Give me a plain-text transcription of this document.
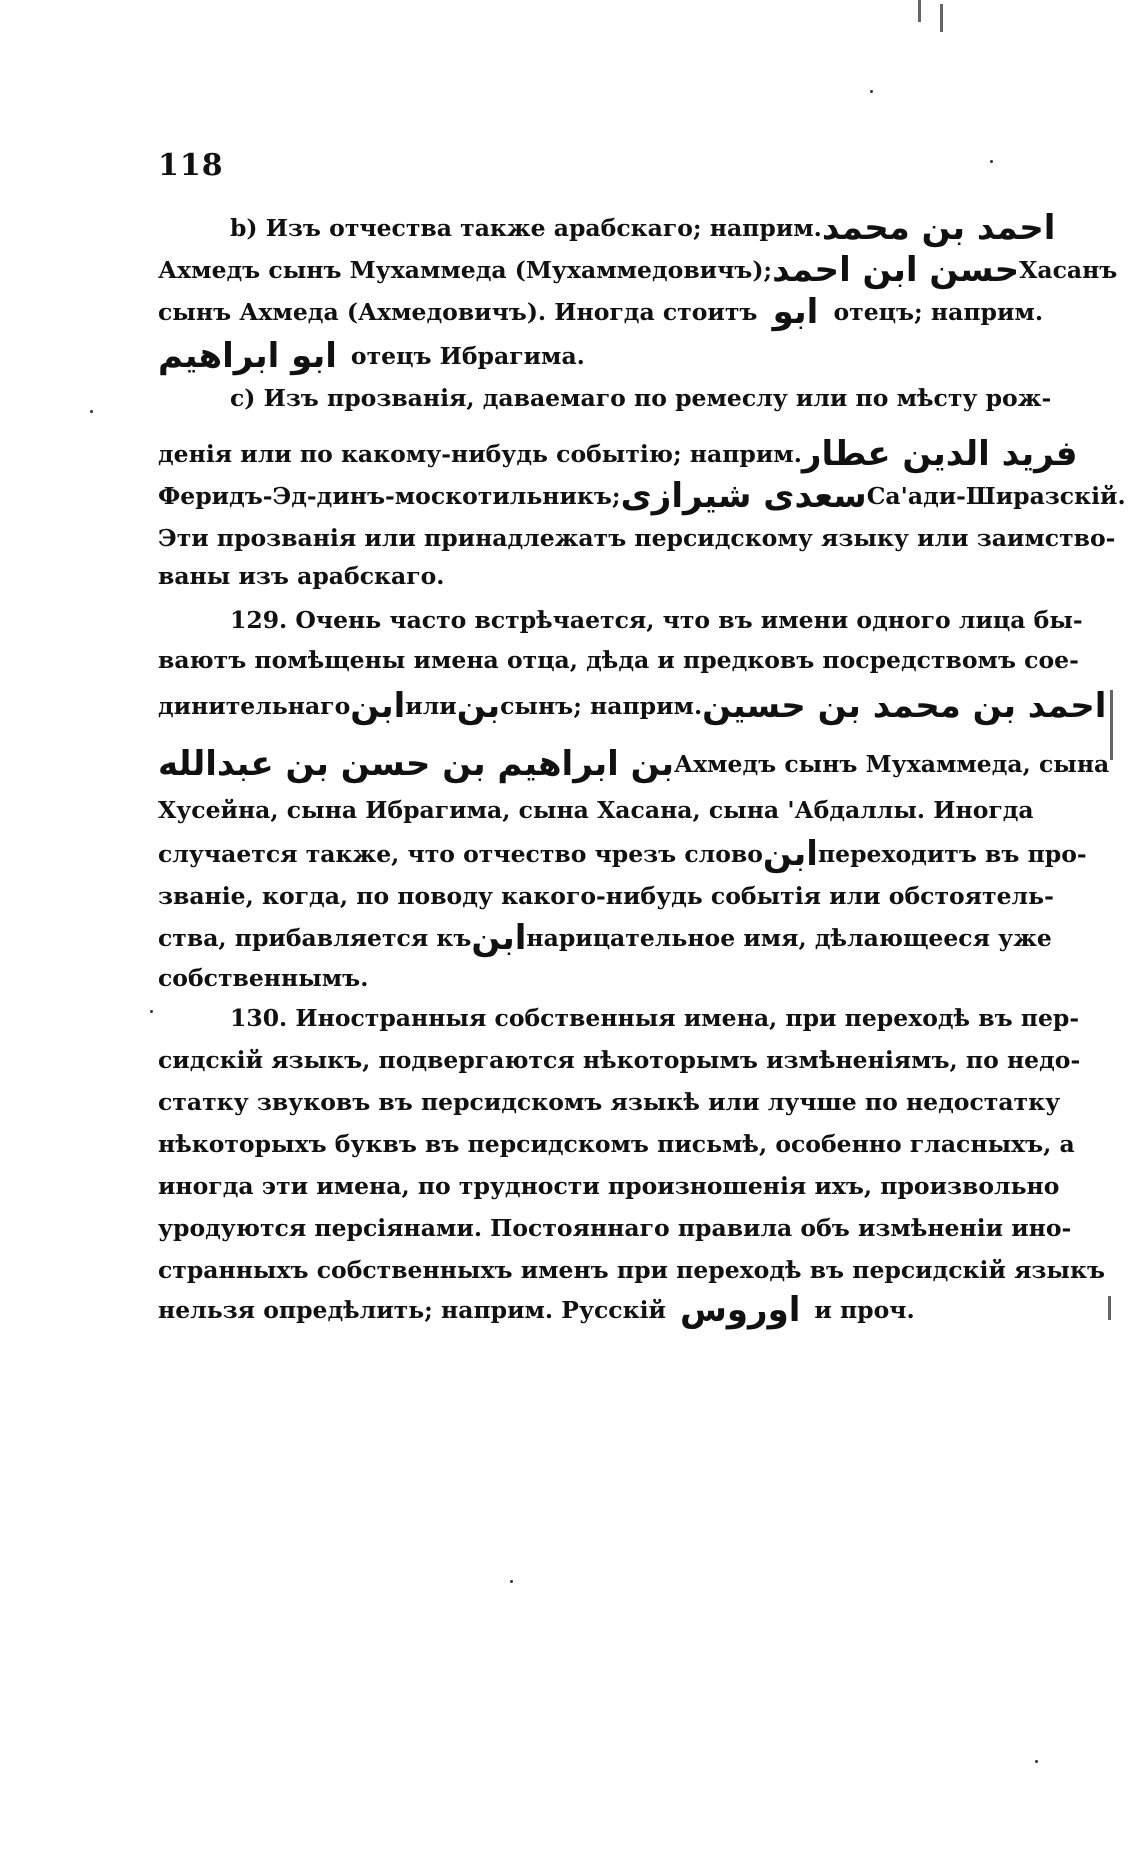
118
b) Изъ отчества также арабскаго; наприм. احمد بن محمد
Ахмедъ сынъ Мухаммеда (Мухаммедовичъ); حسن ابن احمد Хасанъ
сынъ Ахмеда (Ахмедовичъ). Иногда стоитъ ابو отецъ; наприм.
ابو ابراهیم отецъ Ибрагима.
c) Изъ прозванія, даваемаго по ремеслу или по мѣсту рож-
денія или по какому-нибудь событію; наприм. فرید الدین عطار
Феридъ-Эд-динъ-москотильникъ; سعدی شیرازی Са'ади-Ширазскій.
Эти прозванія или принадлежатъ персидскому языку или заимство-
ваны изъ арабскаго.
129. Очень часто встрѣчается, что въ имени одного лица бы-
ваютъ помѣщены имена отца, дѣда и предковъ посредствомъ сое-
динительнаго ابن или بن сынъ; наприм. احمد بن محمد بن حسین
بن ابراهیم بن حسن بن عبدالله Ахмедъ сынъ Мухаммеда, сына
Хусейна, сына Ибрагима, сына Хасана, сына 'Абдаллы. Иногда
случается также, что отчество чрезъ слово ابن переходитъ въ про-
званіе, когда, по поводу какого-нибудь событія или обстоятель-
ства, прибавляется къ ابن нарицательное имя, дѣлающееся уже
собственнымъ.
130. Иностранныя собственныя имена, при переходѣ въ пер-
сидскій языкъ, подвергаются нѣкоторымъ измѣненіямъ, по недо-
статку звуковъ въ персидскомъ языкѣ или лучше по недостатку
нѣкоторыхъ буквъ въ персидскомъ письмѣ, особенно гласныхъ, а
иногда эти имена, по трудности произношенія ихъ, произвольно
уродуются персіянами. Постояннаго правила объ измѣненіи ино-
странныхъ собственныхъ именъ при переходѣ въ персидскій языкъ
нельзя опредѣлить; наприм. Русскій اوروس и проч.
